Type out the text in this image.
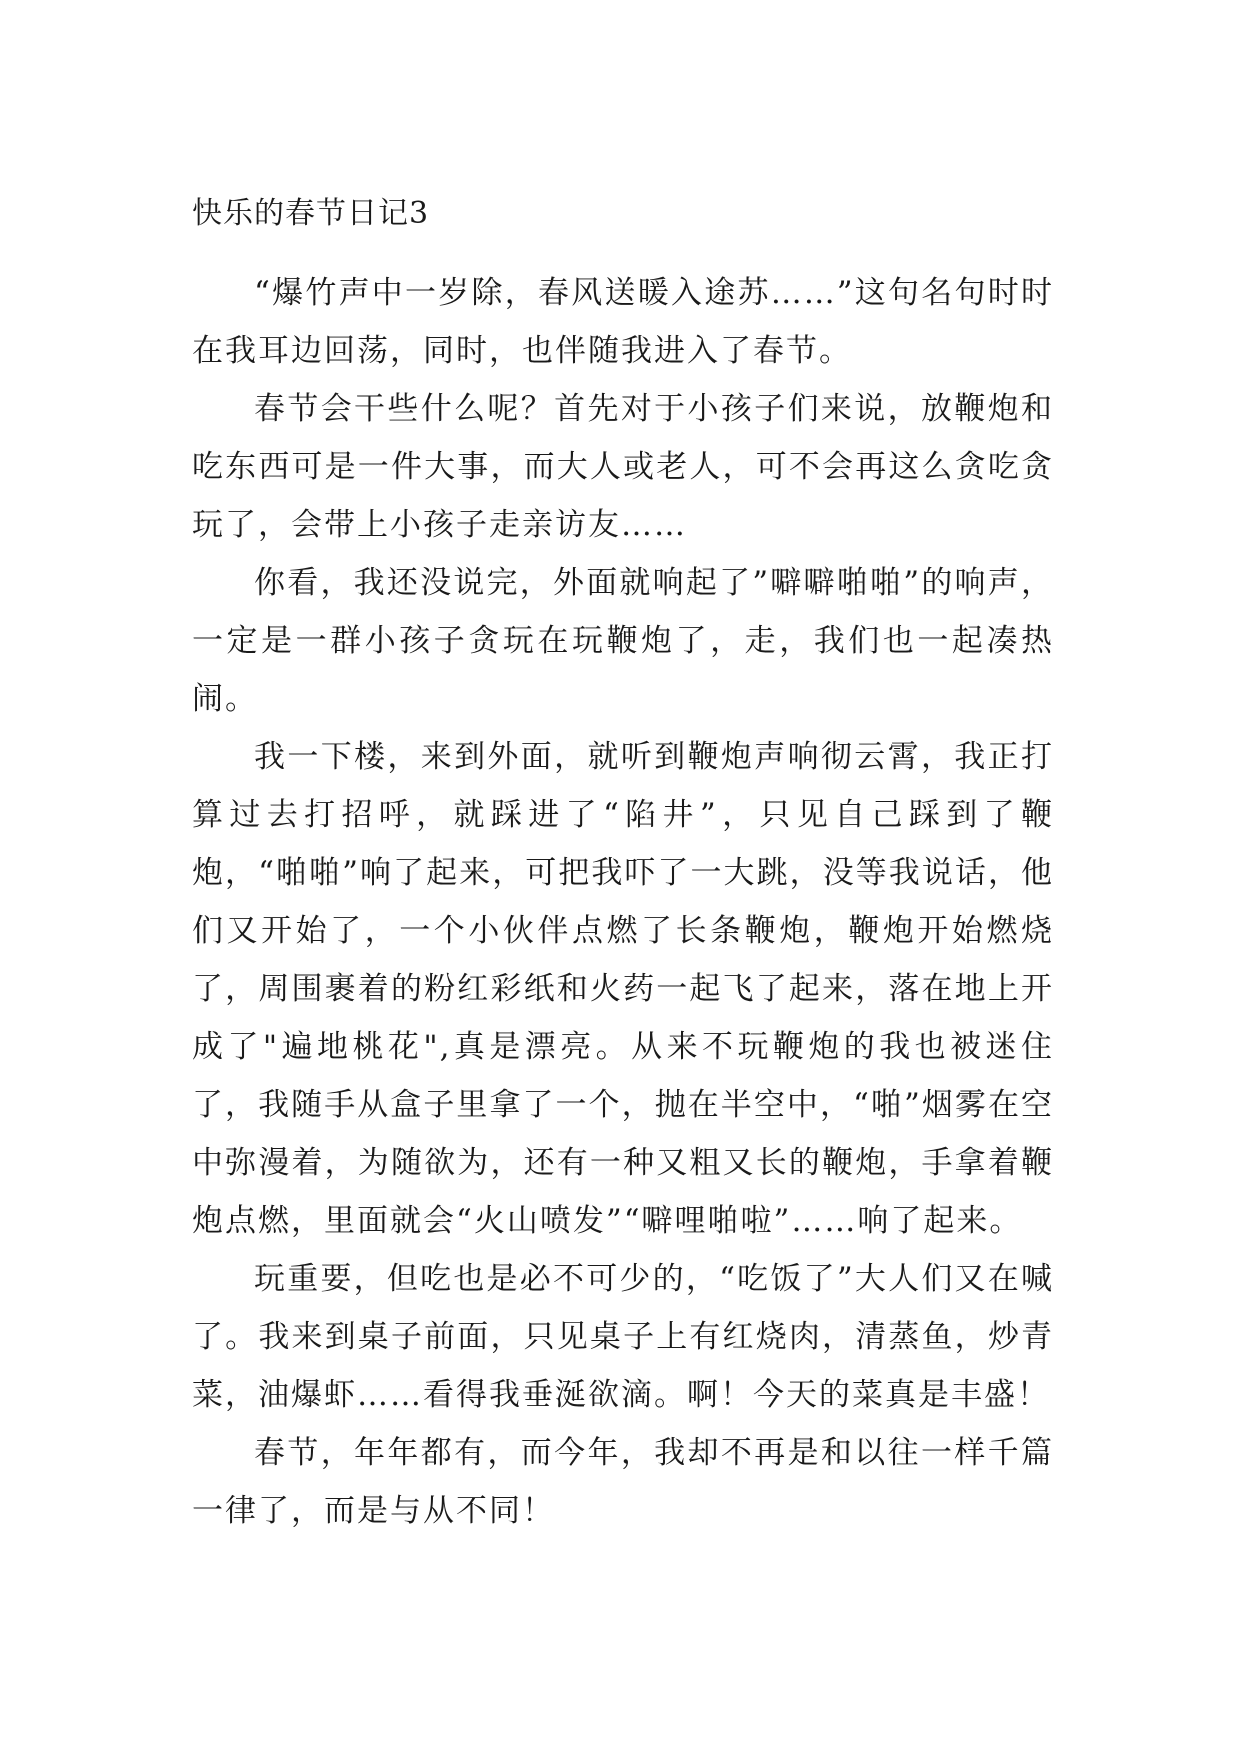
快乐的春节日记3

“爆竹声中一岁除，春风送暖入途苏……”这句名句时时在我耳边回荡，同时，也伴随我进入了春节。

春节会干些什么呢？首先对于小孩子们来说，放鞭炮和吃东西可是一件大事，而大人或老人，可不会再这么贪吃贪玩了，会带上小孩子走亲访友……

你看，我还没说完，外面就响起了”噼噼啪啪”的响声，一定是一群小孩子贪玩在玩鞭炮了，走，我们也一起凑热闹。

我一下楼，来到外面，就听到鞭炮声响彻云霄，我正打算过去打招呼，就踩进了“陷井”，只见自己踩到了鞭炮，“啪啪”响了起来，可把我吓了一大跳，没等我说话，他们又开始了，一个小伙伴点燃了长条鞭炮，鞭炮开始燃烧了，周围裹着的粉红彩纸和火药一起飞了起来，落在地上开成了"遍地桃花",真是漂亮。从来不玩鞭炮的我也被迷住了，我随手从盒子里拿了一个，抛在半空中，“啪”烟雾在空中弥漫着，为随欲为，还有一种又粗又长的鞭炮，手拿着鞭炮点燃，里面就会“火山喷发”“噼哩啪啦”……响了起来。

玩重要，但吃也是必不可少的，“吃饭了”大人们又在喊了。我来到桌子前面，只见桌子上有红烧肉，清蒸鱼，炒青菜，油爆虾……看得我垂涎欲滴。啊！今天的菜真是丰盛！

春节，年年都有，而今年，我却不再是和以往一样千篇一律了，而是与从不同！
